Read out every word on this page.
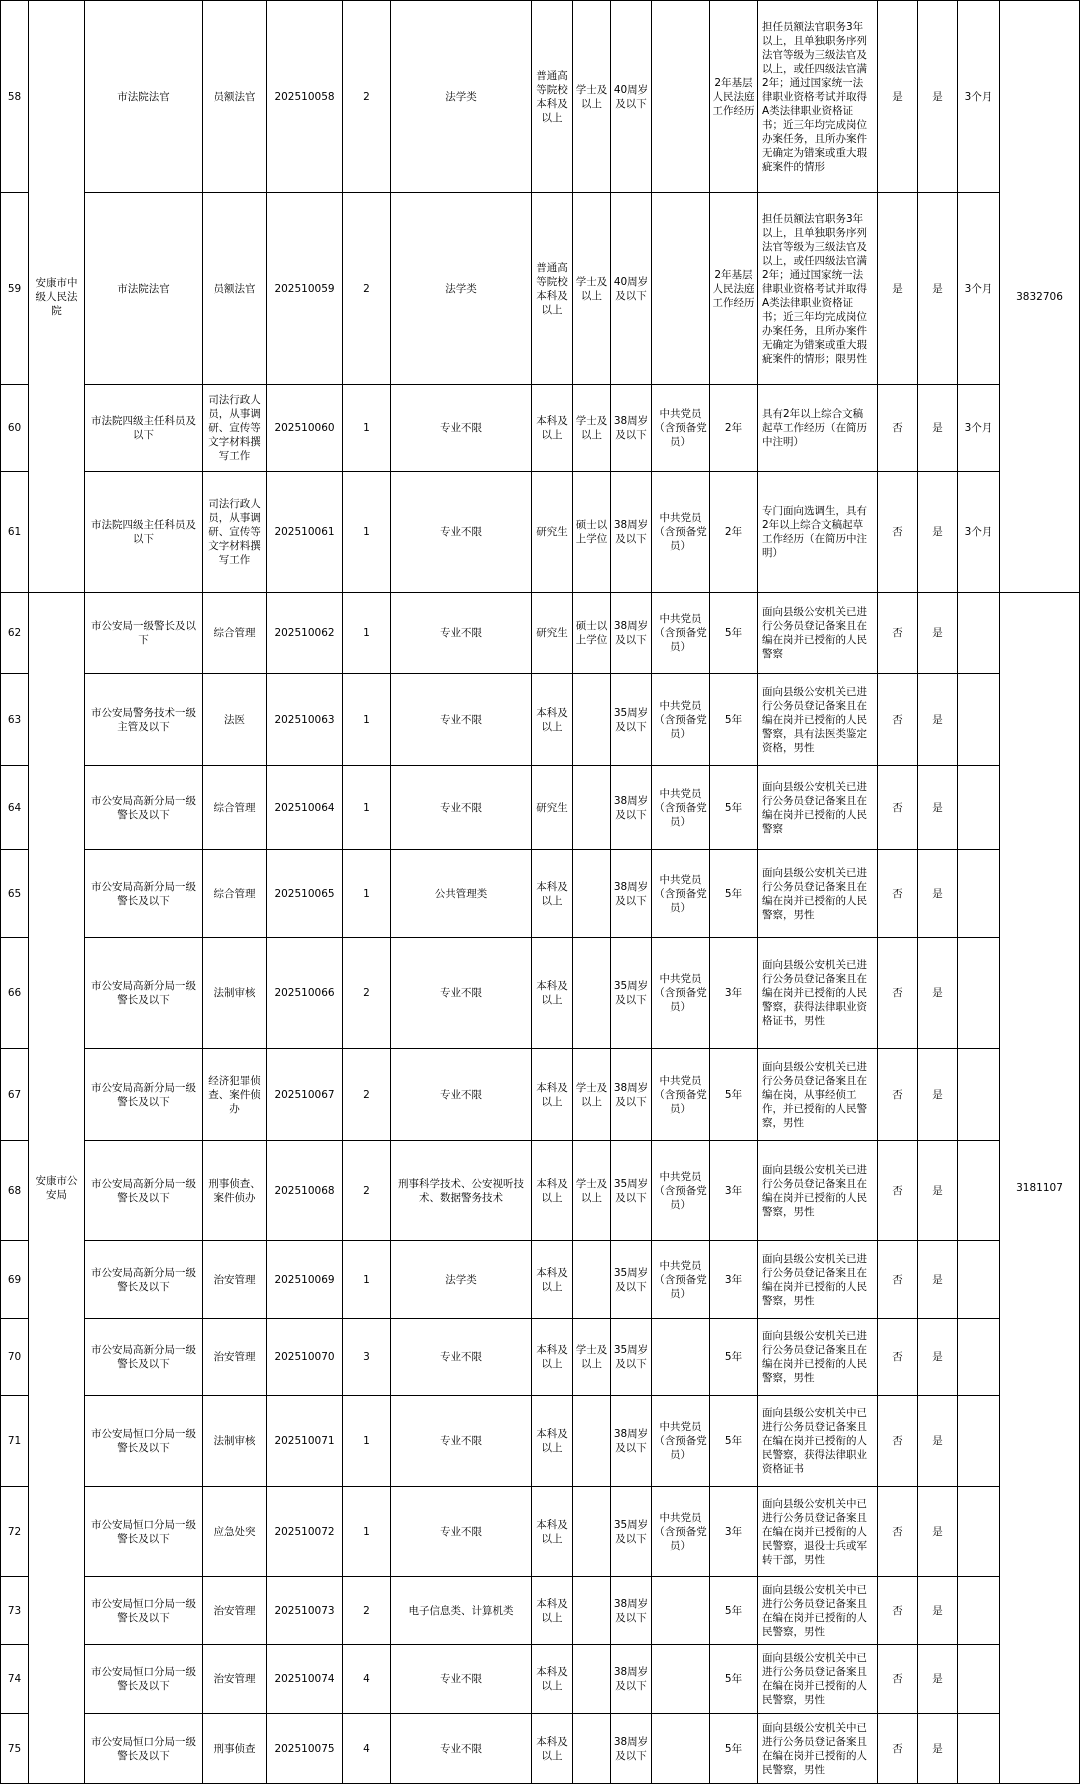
58	安康市中级人民法院	市法院法官	员额法官	202510058	2	法学类	普通高等院校本科及以上	学士及以上	40周岁及以下		2年基层人民法庭工作经历	担任员额法官职务3年以上，且单独职务序列法官等级为三级法官及以上，或任四级法官满2年；通过国家统一法律职业资格考试并取得A类法律职业资格证书；近三年均完成岗位办案任务，且所办案件无确定为错案或重大瑕疵案件的情形	是	是	3个月	3832706
59		市法院法官	员额法官	202510059	2	法学类	普通高等院校本科及以上	学士及以上	40周岁及以下		2年基层人民法庭工作经历	担任员额法官职务3年以上，且单独职务序列法官等级为三级法官及以上，或任四级法官满2年；通过国家统一法律职业资格考试并取得A类法律职业资格证书；近三年均完成岗位办案任务，且所办案件无确定为错案或重大瑕疵案件的情形；限男性	是	是	3个月	
60		市法院四级主任科员及以下	司法行政人员，从事调研、宣传等文字材料撰写工作	202510060	1	专业不限	本科及以上	学士及以上	38周岁及以下	中共党员（含预备党员）	2年	具有2年以上综合文稿起草工作经历（在简历中注明）	否	是	3个月	
61		市法院四级主任科员及以下	司法行政人员，从事调研、宣传等文字材料撰写工作	202510061	1	专业不限	研究生	硕士以上学位	38周岁及以下	中共党员（含预备党员）	2年	专门面向选调生，具有2年以上综合文稿起草工作经历（在简历中注明）	否	是	3个月	
62	安康市公安局	市公安局一级警长及以下	综合管理	202510062	1	专业不限	研究生	硕士以上学位	38周岁及以下	中共党员（含预备党员）	5年	面向县级公安机关已进行公务员登记备案且在编在岗并已授衔的人民警察	否	是		3181107
63		市公安局警务技术一级主管及以下	法医	202510063	1	专业不限	本科及以上		35周岁及以下	中共党员（含预备党员）	5年	面向县级公安机关已进行公务员登记备案且在编在岗并已授衔的人民警察，具有法医类鉴定资格，男性	否	是		
64		市公安局高新分局一级警长及以下	综合管理	202510064	1	专业不限	研究生		38周岁及以下	中共党员（含预备党员）	5年	面向县级公安机关已进行公务员登记备案且在编在岗并已授衔的人民警察	否	是		
65		市公安局高新分局一级警长及以下	综合管理	202510065	1	公共管理类	本科及以上		38周岁及以下	中共党员（含预备党员）	5年	面向县级公安机关已进行公务员登记备案且在编在岗并已授衔的人民警察，男性	否	是		
66		市公安局高新分局一级警长及以下	法制审核	202510066	2	专业不限	本科及以上		35周岁及以下	中共党员（含预备党员）	3年	面向县级公安机关已进行公务员登记备案且在编在岗并已授衔的人民警察，获得法律职业资格证书，男性	否	是		
67		市公安局高新分局一级警长及以下	经济犯罪侦查、案件侦办	202510067	2	专业不限	本科及以上	学士及以上	38周岁及以下	中共党员（含预备党员）	5年	面向县级公安机关已进行公务员登记备案且在编在岗，从事经侦工作，并已授衔的人民警察，男性	否	是		
68		市公安局高新分局一级警长及以下	刑事侦查、案件侦办	202510068	2	刑事科学技术、公安视听技术、数据警务技术	本科及以上	学士及以上	35周岁及以下	中共党员（含预备党员）	3年	面向县级公安机关已进行公务员登记备案且在编在岗并已授衔的人民警察，男性	否	是		
69		市公安局高新分局一级警长及以下	治安管理	202510069	1	法学类	本科及以上		35周岁及以下	中共党员（含预备党员）	3年	面向县级公安机关已进行公务员登记备案且在编在岗并已授衔的人民警察，男性	否	是		
70		市公安局高新分局一级警长及以下	治安管理	202510070	3	专业不限	本科及以上	学士及以上	35周岁及以下		5年	面向县级公安机关已进行公务员登记备案且在编在岗并已授衔的人民警察，男性	否	是		
71		市公安局恒口分局一级警长及以下	法制审核	202510071	1	专业不限	本科及以上		38周岁及以下	中共党员（含预备党员）	5年	面向县级公安机关中已进行公务员登记备案且在编在岗并已授衔的人民警察，获得法律职业资格证书	否	是		
72		市公安局恒口分局一级警长及以下	应急处突	202510072	1	专业不限	本科及以上		35周岁及以下	中共党员（含预备党员）	3年	面向县级公安机关中已进行公务员登记备案且在编在岗并已授衔的人民警察，退役士兵或军转干部，男性	否	是		
73		市公安局恒口分局一级警长及以下	治安管理	202510073	2	电子信息类、计算机类	本科及以上		38周岁及以下		5年	面向县级公安机关中已进行公务员登记备案且在编在岗并已授衔的人民警察，男性	否	是		
74		市公安局恒口分局一级警长及以下	治安管理	202510074	4	专业不限	本科及以上		38周岁及以下		5年	面向县级公安机关中已进行公务员登记备案且在编在岗并已授衔的人民警察，男性	否	是		
75		市公安局恒口分局一级警长及以下	刑事侦查	202510075	4	专业不限	本科及以上		38周岁及以下		5年	面向县级公安机关中已进行公务员登记备案且在编在岗并已授衔的人民警察，男性	否	是		
